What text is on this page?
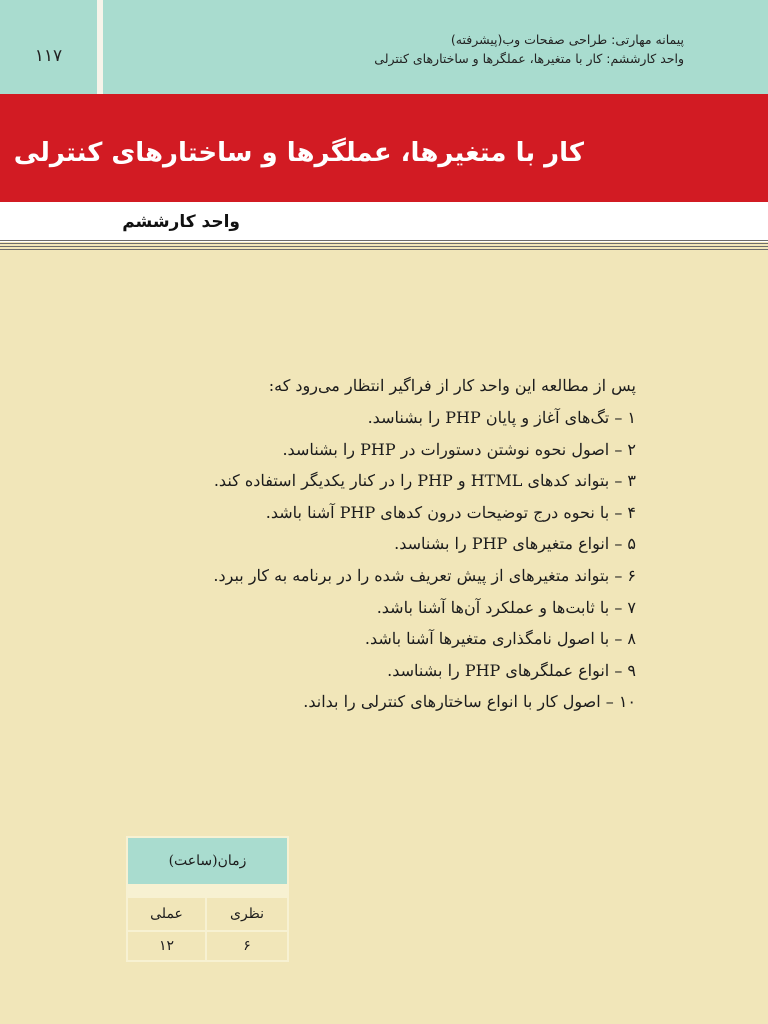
۱۱۷
پیمانه مهارتی: طراحی صفحات وب(پیشرفته)
واحد کارششم: کار با متغیرها، عملگرها و ساختارهای کنترلی
کار با متغیرها، عملگرها و ساختارهای کنترلی
واحد کارششم
پس از مطالعه این واحد کار از فراگیر انتظار می‌رود که:
۱ – تگ‌های آغاز و پایان PHP را بشناسد.
۲ – اصول نحوه نوشتن دستورات در PHP را بشناسد.
۳ – بتواند کدهای HTML و PHP را در کنار یکدیگر استفاده کند.
۴ – با نحوه درج توضیحات درون کدهای PHP آشنا باشد.
۵ – انواع متغیرهای PHP را بشناسد.
۶ – بتواند متغیرهای از پیش تعریف شده را در برنامه به کار ببرد.
۷ – با ثابت‌ها و عملکرد آن‌ها آشنا باشد.
۸ – با اصول نامگذاری متغیرها آشنا باشد.
۹ – انواع عملگرهای PHP را بشناسد.
۱۰ – اصول کار با انواع ساختارهای کنترلی را بداند.
زمان(ساعت)	

عملی	نظری
۱۲	۶
